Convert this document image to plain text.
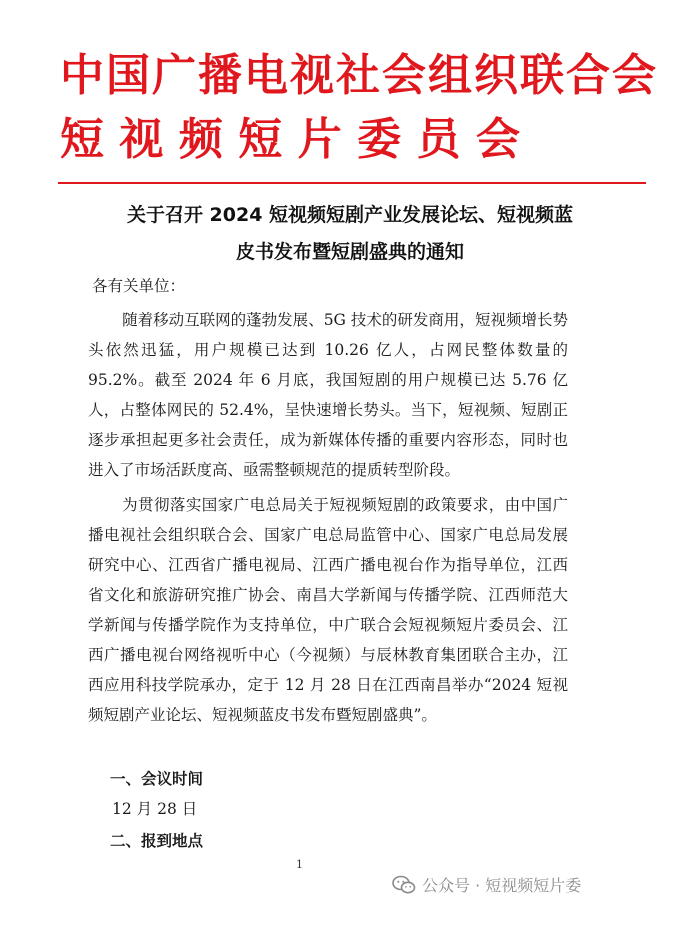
中国广播电视社会组织联合会
短 视 频 短 片 委 员 会
关于召开 2024 短视频短剧产业发展论坛、短视频蓝
皮书发布暨短剧盛典的通知
各有关单位：
随着移动互联网的蓬勃发展、5G 技术的研发商用，短视频增长势头依然迅猛，用户规模已达到 10.26 亿人，占网民整体数量的 95.2%。截至 2024 年 6 月底，我国短剧的用户规模已达 5.76 亿人，占整体网民的 52.4%，呈快速增长势头。当下，短视频、短剧正逐步承担起更多社会责任，成为新媒体传播的重要内容形态，同时也进入了市场活跃度高、亟需整顿规范的提质转型阶段。
为贯彻落实国家广电总局关于短视频短剧的政策要求，由中国广播电视社会组织联合会、国家广电总局监管中心、国家广电总局发展研究中心、江西省广播电视局、江西广播电视台作为指导单位，江西省文化和旅游研究推广协会、南昌大学新闻与传播学院、江西师范大学新闻与传播学院作为支持单位，中广联合会短视频短片委员会、江西广播电视台网络视听中心（今视频）与辰林教育集团联合主办，江西应用科技学院承办，定于 12 月 28 日在江西南昌举办“2024 短视频短剧产业论坛、短视频蓝皮书发布暨短剧盛典”。
一、会议时间
12 月 28 日
二、报到地点
1
公众号 · 短视频短片委
